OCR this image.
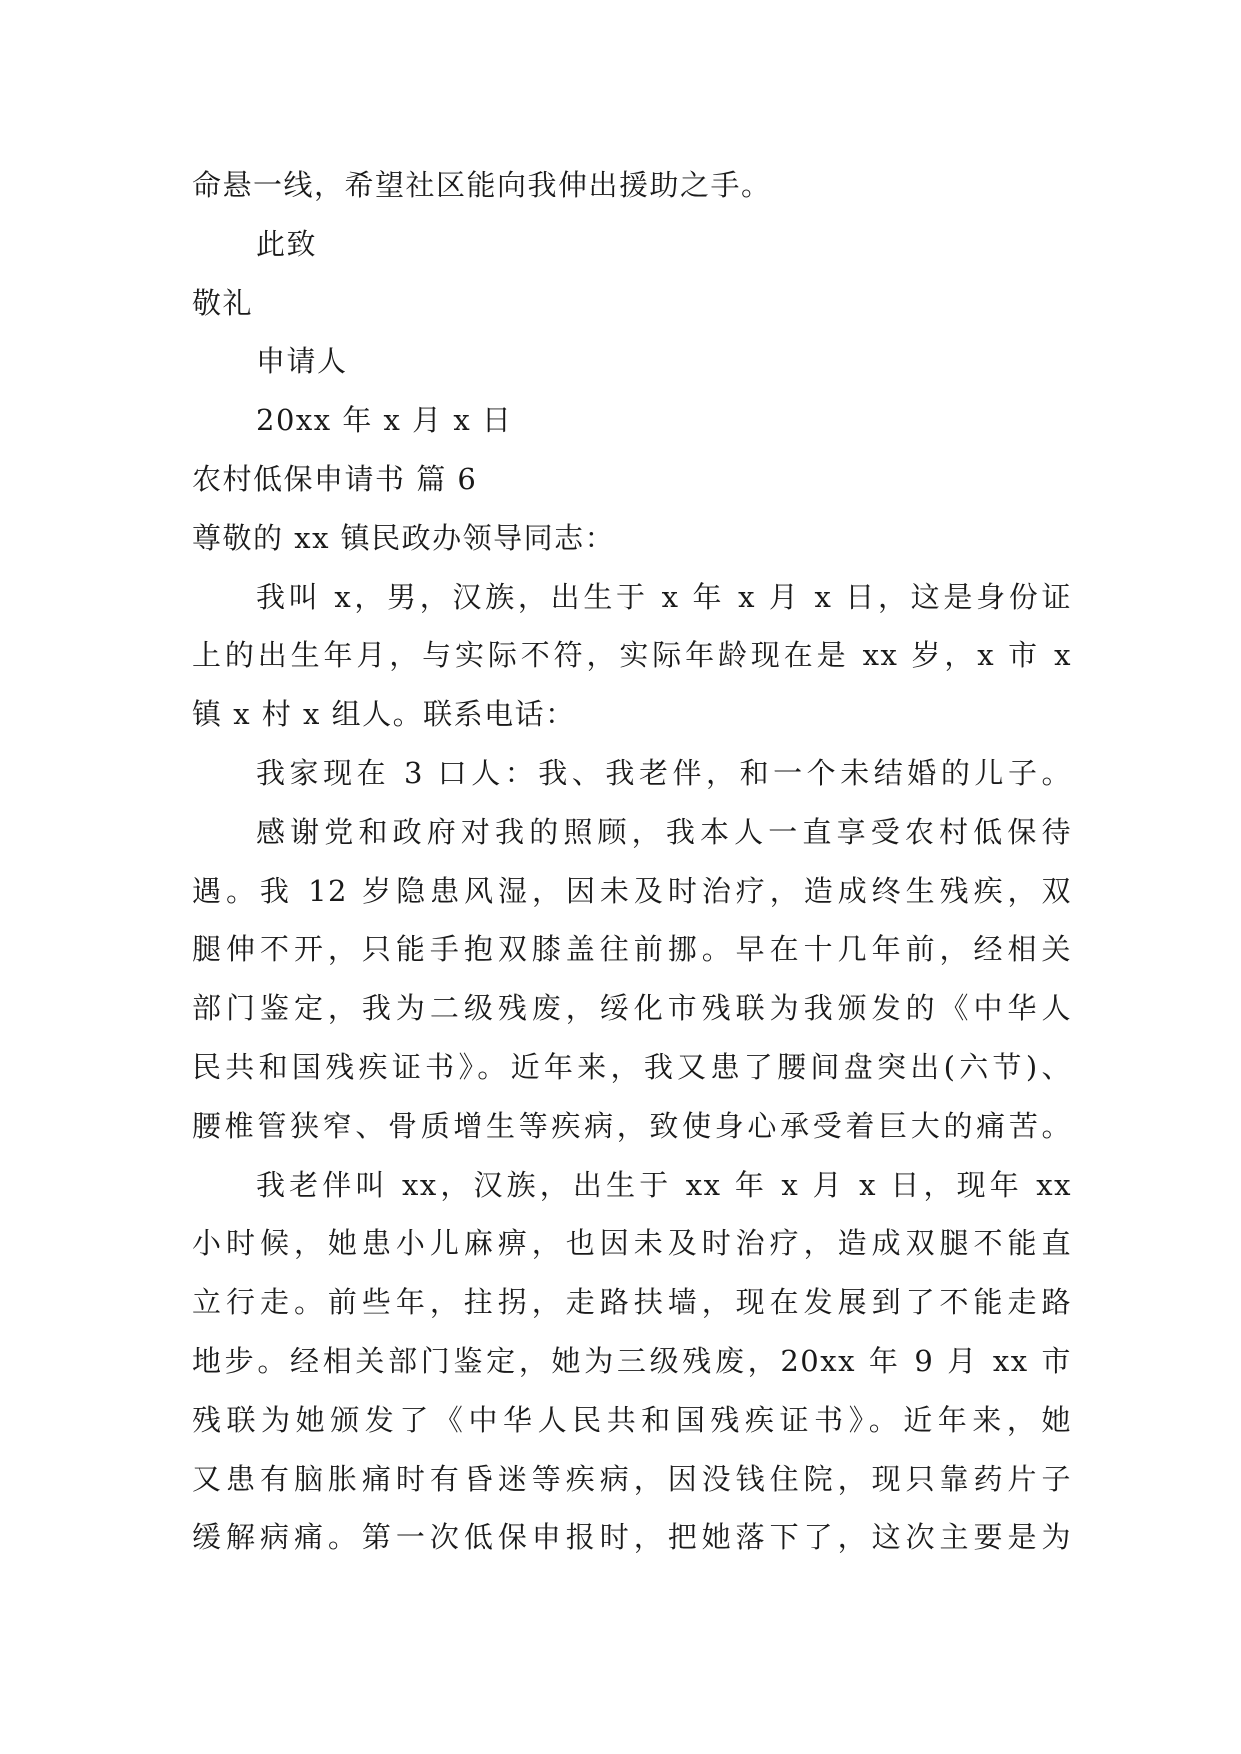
命悬一线，希望社区能向我伸出援助之手。
此致
敬礼
申请人
20xx 年 x 月 x 日
农村低保申请书 篇 6
尊敬的 xx 镇民政办领导同志：
我叫 x，男，汉族，出生于 x 年 x 月 x 日，这是身份证
上的出生年月，与实际不符，实际年龄现在是 xx 岁，x 市 x
镇 x 村 x 组人。联系电话：
我家现在 3 口人：我、我老伴，和一个未结婚的儿子。
感谢党和政府对我的照顾，我本人一直享受农村低保待
遇。我 12 岁隐患风湿，因未及时治疗，造成终生残疾，双
腿伸不开，只能手抱双膝盖往前挪。早在十几年前，经相关
部门鉴定，我为二级残废，绥化市残联为我颁发的《中华人
民共和国残疾证书》。近年来，我又患了腰间盘突出(六节)、
腰椎管狭窄、骨质增生等疾病，致使身心承受着巨大的痛苦。
我老伴叫 xx，汉族，出生于 xx 年 x 月 x 日，现年 xx
小时候，她患小儿麻痹，也因未及时治疗，造成双腿不能直
立行走。前些年，拄拐，走路扶墙，现在发展到了不能走路
地步。经相关部门鉴定，她为三级残废，20xx 年 9 月 xx 市
残联为她颁发了《中华人民共和国残疾证书》。近年来，她
又患有脑胀痛时有昏迷等疾病，因没钱住院，现只靠药片子
缓解病痛。第一次低保申报时，把她落下了，这次主要是为
